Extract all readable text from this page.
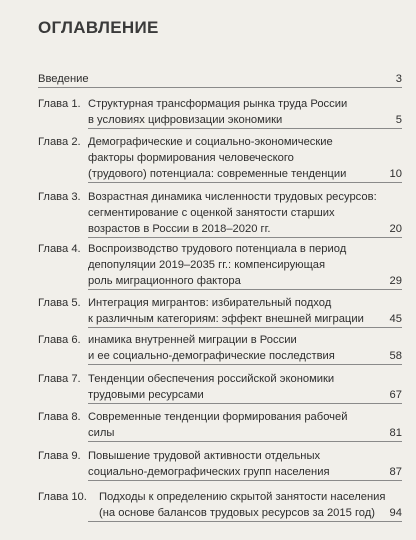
ОГЛАВЛЕНИЕ
Введение	3
Глава 1. Структурная трансформация рынка труда России
в условиях цифровизации экономики	5
Глава 2. Демографические и социально-экономические
факторы формирования человеческого
(трудового) потенциала: современные тенденции	10
Глава 3. Возрастная динамика численности трудовых ресурсов:
сегментирование с оценкой занятости старших
возрастов в России в 2018–2020 гг.	20
Глава 4. Воспроизводство трудового потенциала в период
депопуляции 2019–2035 гг.: компенсирующая
роль миграционного фактора	29
Глава 5. Интеграция мигрантов: избирательный подход
к различным категориям: эффект внешней миграции	45
Глава 6. инамика внутренней миграции в России
и ее социально-демографические последствия	58
Глава 7. Тенденции обеспечения российской экономики
трудовыми ресурсами	67
Глава 8. Современные тенденции формирования рабочей
силы	81
Глава 9. Повышение трудовой активности отдельных
социально-демографических групп населения	87
Глава 10. Подходы к определению скрытой занятости населения
(на основе балансов трудовых ресурсов за 2015 год)	94
